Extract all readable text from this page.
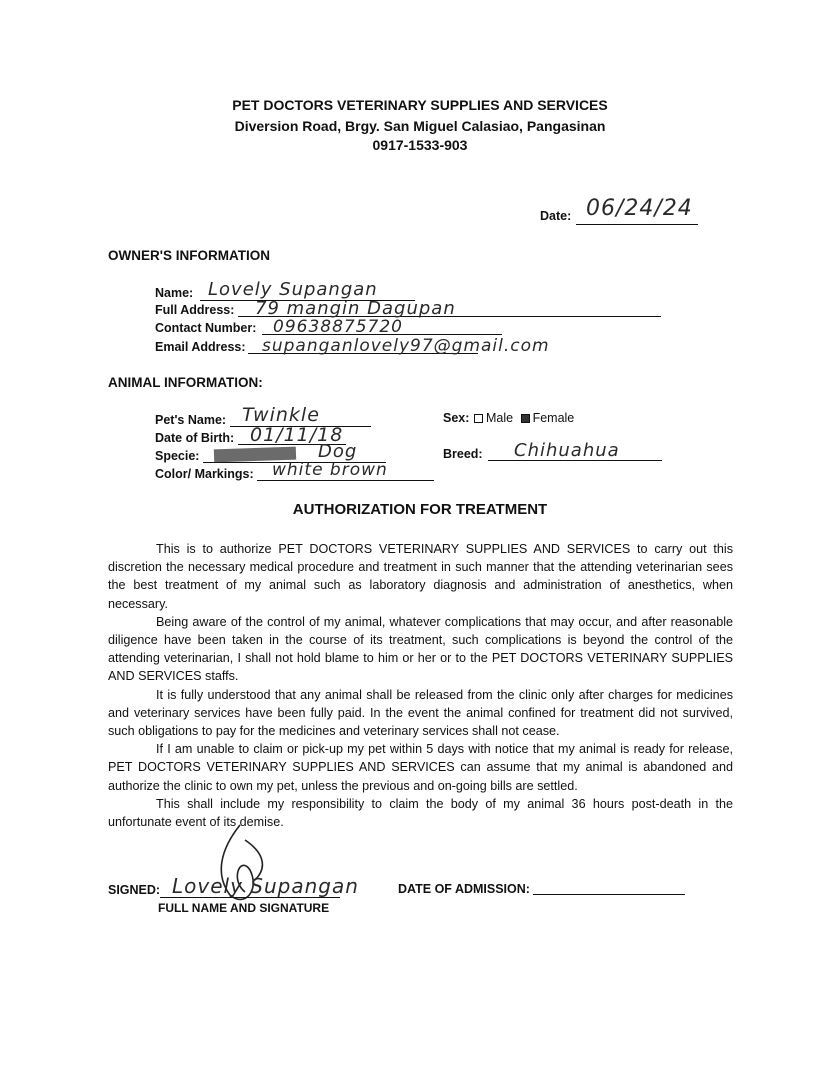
PET DOCTORS VETERINARY SUPPLIES AND SERVICES
Diversion Road, Brgy. San Miguel Calasiao, Pangasinan
0917-1533-903
Date: 06/24/24
OWNER'S INFORMATION
Name: Lovely Supangan
Full Address: 79 mangin Dagupan
Contact Number: 09638875720
Email Address: supanganlovely97@gmail.com
ANIMAL INFORMATION:
Pet's Name: Twinkle
Date of Birth: 01/11/18
Specie:	Dog
Color/ Markings: white brown
Sex:	Male Female
Breed: Chihuahua
AUTHORIZATION FOR TREATMENT

This is to authorize PET DOCTORS VETERINARY SUPPLIES AND SERVICES to carry out this discretion the necessary medical procedure and treatment in such manner that the attending veterinarian sees the best treatment of my animal such as laboratory diagnosis and administration of anesthetics, when necessary.

Being aware of the control of my animal, whatever complications that may occur, and after reasonable diligence have been taken in the course of its treatment, such complications is beyond the control of the attending veterinarian, I shall not hold blame to him or her or to the PET DOCTORS VETERINARY SUPPLIES AND SERVICES staffs.

It is fully understood that any animal shall be released from the clinic only after charges for medicines and veterinary services have been fully paid. In the event the animal confined for treatment did not survived, such obligations to pay for the medicines and veterinary services shall not cease.

If I am unable to claim or pick-up my pet within 5 days with notice that my animal is ready for release, PET DOCTORS VETERINARY SUPPLIES AND SERVICES can assume that my animal is abandoned and authorize the clinic to own my pet, unless the previous and on-going bills are settled.

This shall include my responsibility to claim the body of my animal 36 hours post-death in the unfortunate event of its demise.

SIGNED: Lovely Supangan
FULL NAME AND SIGNATURE
DATE OF ADMISSION:
